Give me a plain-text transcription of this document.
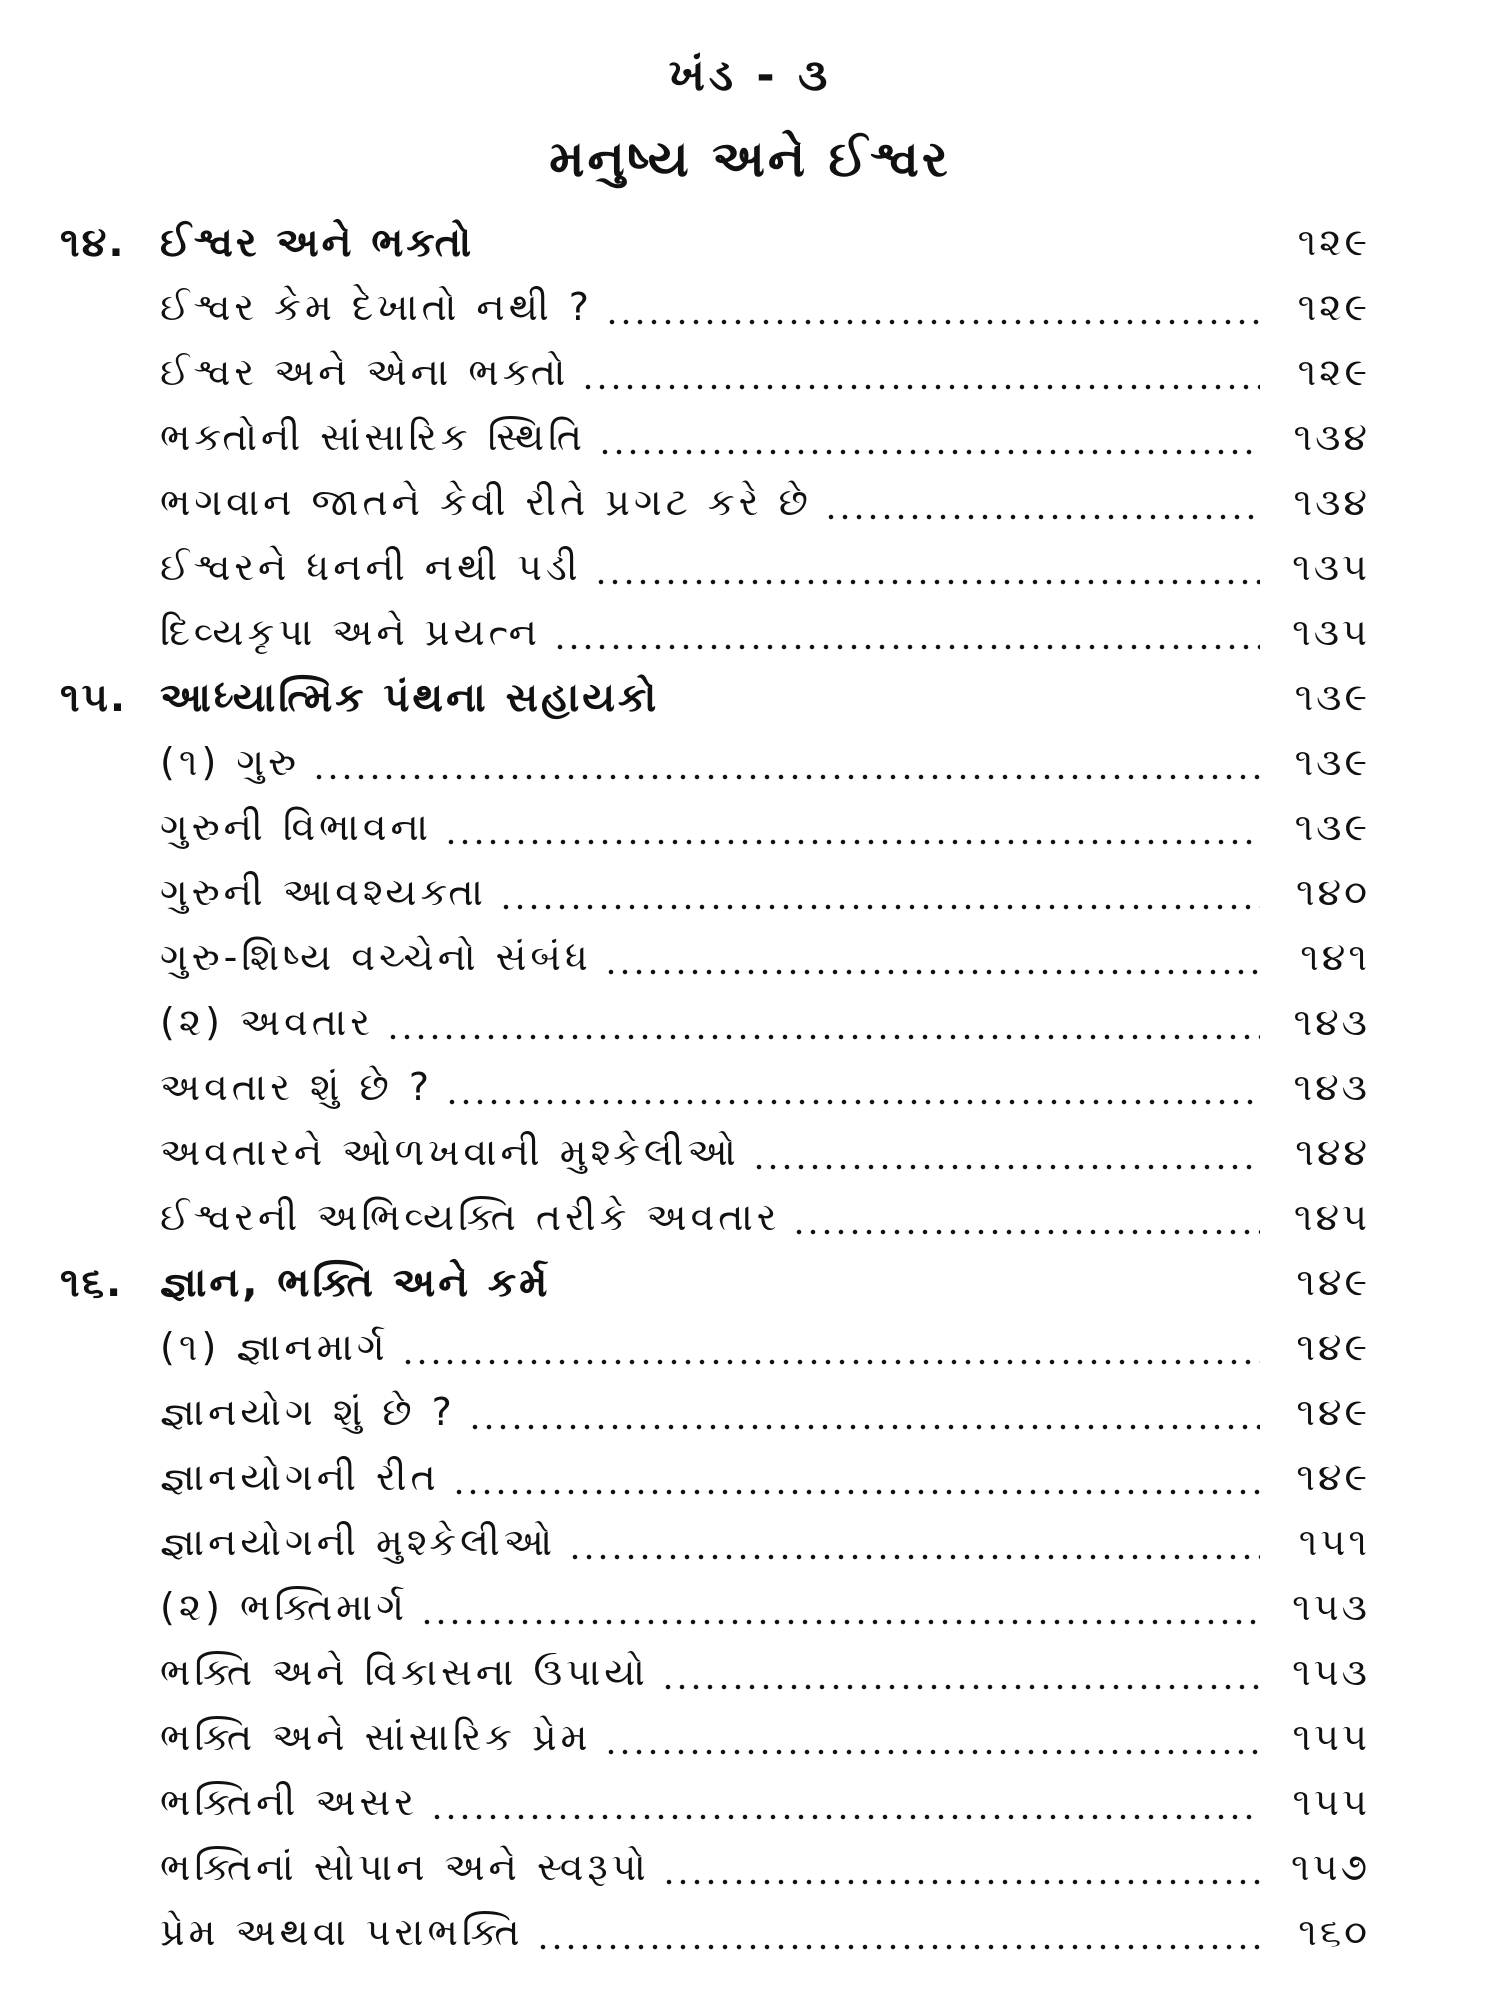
ખંડ - ૩
મનુષ્ય અને ઈશ્વર
૧૪. ઈશ્વર અને ભક્તો	૧૨૯
ઈશ્વર કેમ દેખાતો નથી ?	૧૨૯
ઈશ્વર અને એના ભક્તો	૧૨૯
ભક્તોની સાંસારિક સ્થિતિ	૧૩૪
ભગવાન જાતને કેવી રીતે પ્રગટ કરે છે	૧૩૪
ઈશ્વરને ધનની નથી પડી	૧૩૫
દિવ્યકૃપા અને પ્રયત્ન	૧૩૫
૧૫. આધ્યાત્મિક પંથના સહાયકો	૧૩૯
(૧) ગુરુ	૧૩૯
ગુરુની વિભાવના	૧૩૯
ગુરુની આવશ્યક્તા	૧૪૦
ગુરુ-શિષ્ય વચ્ચેનો સંબંધ	૧૪૧
(૨) અવતાર	૧૪૩
અવતાર શું છે ?	૧૪૩
અવતારને ઓળખવાની મુશ્કેલીઓ	૧૪૪
ઈશ્વરની અભિવ્યક્તિ તરીકે અવતાર	૧૪૫
૧૬. જ્ઞાન, ભક્તિ અને કર્મ	૧૪૯
(૧) જ્ઞાનમાર્ગ	૧૪૯
જ્ઞાનયોગ શું છે ?	૧૪૯
જ્ઞાનયોગની રીત	૧૪૯
જ્ઞાનયોગની મુશ્કેલીઓ	૧૫૧
(૨) ભક્તિમાર્ગ	૧૫૩
ભક્તિ અને વિકાસના ઉપાયો	૧૫૩
ભક્તિ અને સાંસારિક પ્રેમ	૧૫૫
ભક્તિની અસર	૧૫૫
ભક્તિનાં સોપાન અને સ્વરૂપો	૧૫૭
પ્રેમ અથવા પરાભક્તિ	૧૬૦
